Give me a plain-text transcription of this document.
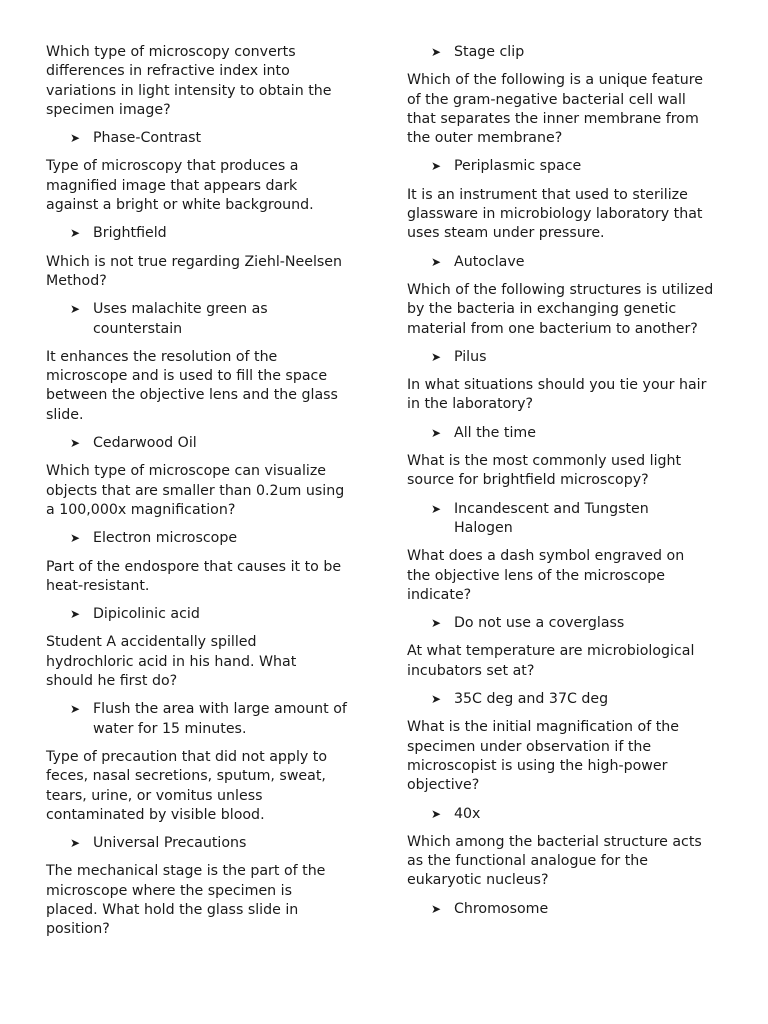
Which type of microscopy converts
differences in refractive index into
variations in light intensity to obtain the
specimen image?

➤ Phase-Contrast

Type of microscopy that produces a
magnified image that appears dark
against a bright or white background.

➤ Brightfield

Which is not true regarding Ziehl-Neelsen
Method?

➤ Uses malachite green as
counterstain

It enhances the resolution of the
microscope and is used to fill the space
between the objective lens and the glass
slide.

➤ Cedarwood Oil

Which type of microscope can visualize
objects that are smaller than 0.2um using
a 100,000x magnification?

➤ Electron microscope

Part of the endospore that causes it to be
heat-resistant.

➤ Dipicolinic acid

Student A accidentally spilled
hydrochloric acid in his hand. What
should he first do?

➤ Flush the area with large amount of
water for 15 minutes.

Type of precaution that did not apply to
feces, nasal secretions, sputum, sweat,
tears, urine, or vomitus unless
contaminated by visible blood.

➤ Universal Precautions

The mechanical stage is the part of the
microscope where the specimen is
placed. What hold the glass slide in
position?

➤ Stage clip

Which of the following is a unique feature
of the gram-negative bacterial cell wall
that separates the inner membrane from
the outer membrane?

➤ Periplasmic space

It is an instrument that used to sterilize
glassware in microbiology laboratory that
uses steam under pressure.

➤ Autoclave

Which of the following structures is utilized
by the bacteria in exchanging genetic
material from one bacterium to another?

➤ Pilus

In what situations should you tie your hair
in the laboratory?

➤ All the time

What is the most commonly used light
source for brightfield microscopy?

➤ Incandescent and Tungsten
Halogen

What does a dash symbol engraved on
the objective lens of the microscope
indicate?

➤ Do not use a coverglass

At what temperature are microbiological
incubators set at?

➤ 35C deg and 37C deg

What is the initial magnification of the
specimen under observation if the
microscopist is using the high-power
objective?

➤ 40x

Which among the bacterial structure acts
as the functional analogue for the
eukaryotic nucleus?

➤ Chromosome
